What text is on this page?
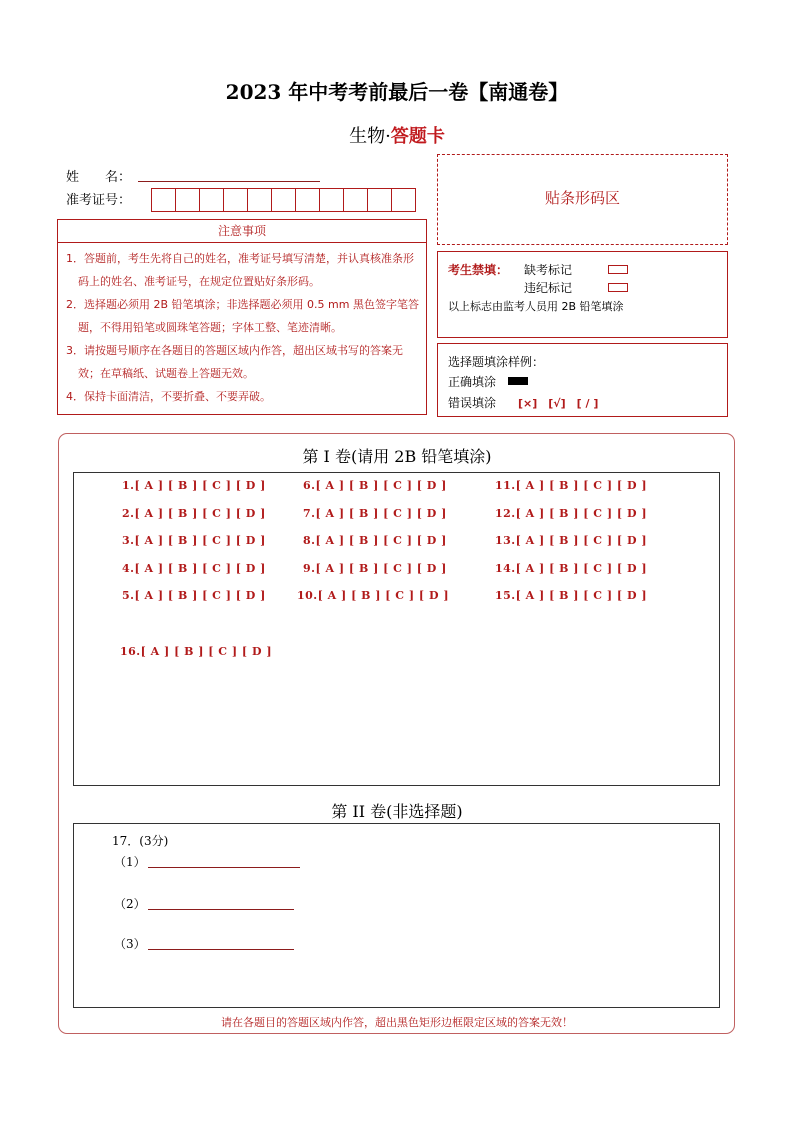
2023 年中考考前最后一卷【南通卷】
生物·答题卡
姓　　名：
准考证号：	贴条形码区
注意事项
1．答题前，考生先将自己的姓名，准考证号填写清楚，并认真核准条形码上的姓名、准考证号，在规定位置贴好条形码。
2．选择题必须用 2B 铅笔填涂；非选择题必须用 0.5 mm 黑色签字笔答题，不得用铅笔或圆珠笔答题；字体工整、笔迹清晰。
3．请按题号顺序在各题目的答题区域内作答，超出区域书写的答案无效；在草稿纸、试题卷上答题无效。
4．保持卡面清洁，不要折叠、不要弄破。
考生禁填： 缺考标记
违纪标记
以上标志由监考人员用 2B 铅笔填涂
选择题填涂样例：
正确填涂
错误填涂 [×]　[√]　[ / ]
第 I 卷(请用 2B 铅笔填涂)
1.[ A ] [ B ] [ C ] [ D ]
2.[ A ] [ B ] [ C ] [ D ]
3.[ A ] [ B ] [ C ] [ D ]
4.[ A ] [ B ] [ C ] [ D ]
5.[ A ] [ B ] [ C ] [ D ]
6.[ A ] [ B ] [ C ] [ D ]
7.[ A ] [ B ] [ C ] [ D ]
8.[ A ] [ B ] [ C ] [ D ]
9.[ A ] [ B ] [ C ] [ D ]
10.[ A ] [ B ] [ C ] [ D ]
11.[ A ] [ B ] [ C ] [ D ]
12.[ A ] [ B ] [ C ] [ D ]
13.[ A ] [ B ] [ C ] [ D ]
14.[ A ] [ B ] [ C ] [ D ]
15.[ A ] [ B ] [ C ] [ D ]
16.[ A ] [ B ] [ C ] [ D ]
第 II 卷(非选择题)
17．(3分)
（1）
（2）
（3）
请在各题目的答题区域内作答，超出黑色矩形边框限定区域的答案无效！
